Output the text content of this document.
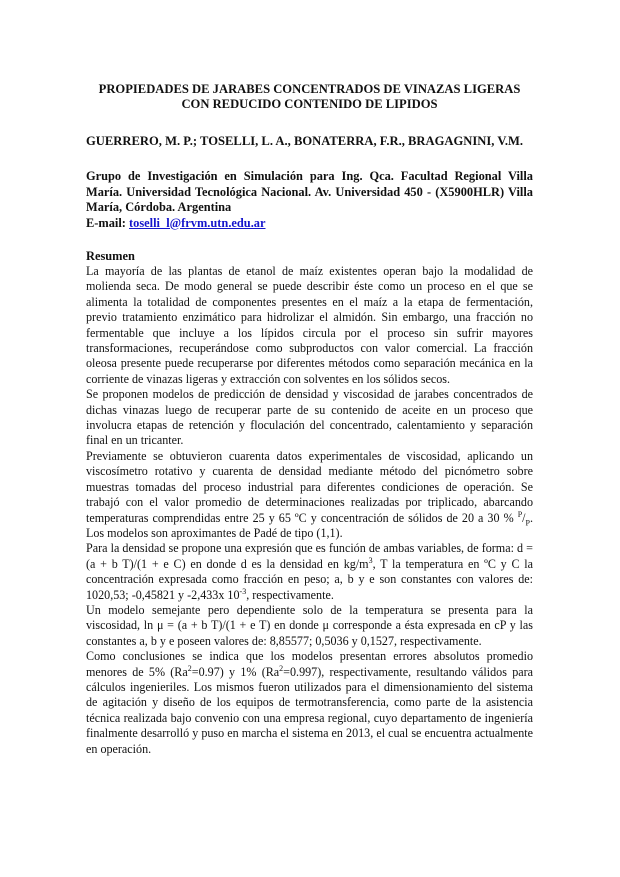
PROPIEDADES DE JARABES CONCENTRADOS DE VINAZAS LIGERAS
CON REDUCIDO CONTENIDO DE LIPIDOS

GUERRERO, M. P.; TOSELLI, L. A., BONATERRA, F.R., BRAGAGNINI, V.M.

Grupo de Investigación en Simulación para Ing. Qca. Facultad Regional Villa María. Universidad Tecnológica Nacional. Av. Universidad 450 - (X5900HLR) Villa María, Córdoba. Argentina
E-mail: toselli_l@frvm.utn.edu.ar
Resumen

La mayoría de las plantas de etanol de maíz existentes operan bajo la modalidad de molienda seca. De modo general se puede describir éste como un proceso en el que se alimenta la totalidad de componentes presentes en el maíz a la etapa de fermentación, previo tratamiento enzimático para hidrolizar el almidón. Sin embargo, una fracción no fermentable que incluye a los lípidos circula por el proceso sin sufrir mayores transformaciones, recuperándose como subproductos con valor comercial. La fracción oleosa presente puede recuperarse por diferentes métodos como separación mecánica en la corriente de vinazas ligeras y extracción con solventes en los sólidos secos.

Se proponen modelos de predicción de densidad y viscosidad de jarabes concentrados de dichas vinazas luego de recuperar parte de su contenido de aceite en un proceso que involucra etapas de retención y floculación del concentrado, calentamiento y separación final en un tricanter.

Previamente se obtuvieron cuarenta datos experimentales de viscosidad, aplicando un viscosímetro rotativo y cuarenta de densidad mediante método del picnómetro sobre muestras tomadas del proceso industrial para diferentes condiciones de operación. Se trabajó con el valor promedio de determinaciones realizadas por triplicado, abarcando temperaturas comprendidas entre 25 y 65 ºC y concentración de sólidos de 20 a 30 % $^P/_P$. Los modelos son aproximantes de Padé de tipo (1,1).

Para la densidad se propone una expresión que es función de ambas variables, de forma: d = (a + b T)/(1 + e C) en donde d es la densidad en $kg/m^3$, T la temperatura en ºC y C la concentración expresada como fracción en peso; a, b y e son constantes con valores de: 1020,53; -0,45821 y -2,433x $10^{-3}$, respectivamente.

Un modelo semejante pero dependiente solo de la temperatura se presenta para la viscosidad, ln μ = (a + b T)/(1 + e T) en donde μ corresponde a ésta expresada en cP y las constantes a, b y e poseen valores de: 8,85577; 0,5036 y 0,1527, respectivamente.

Como conclusiones se indica que los modelos presentan errores absolutos promedio menores de 5% $(Ra^2=0.97)$ y 1% $(Ra^2=0.997)$, respectivamente, resultando válidos para cálculos ingenieriles. Los mismos fueron utilizados para el dimensionamiento del sistema de agitación y diseño de los equipos de termotransferencia, como parte de la asistencia técnica realizada bajo convenio con una empresa regional, cuyo departamento de ingeniería finalmente desarrolló y puso en marcha el sistema en 2013, el cual se encuentra actualmente en operación.
